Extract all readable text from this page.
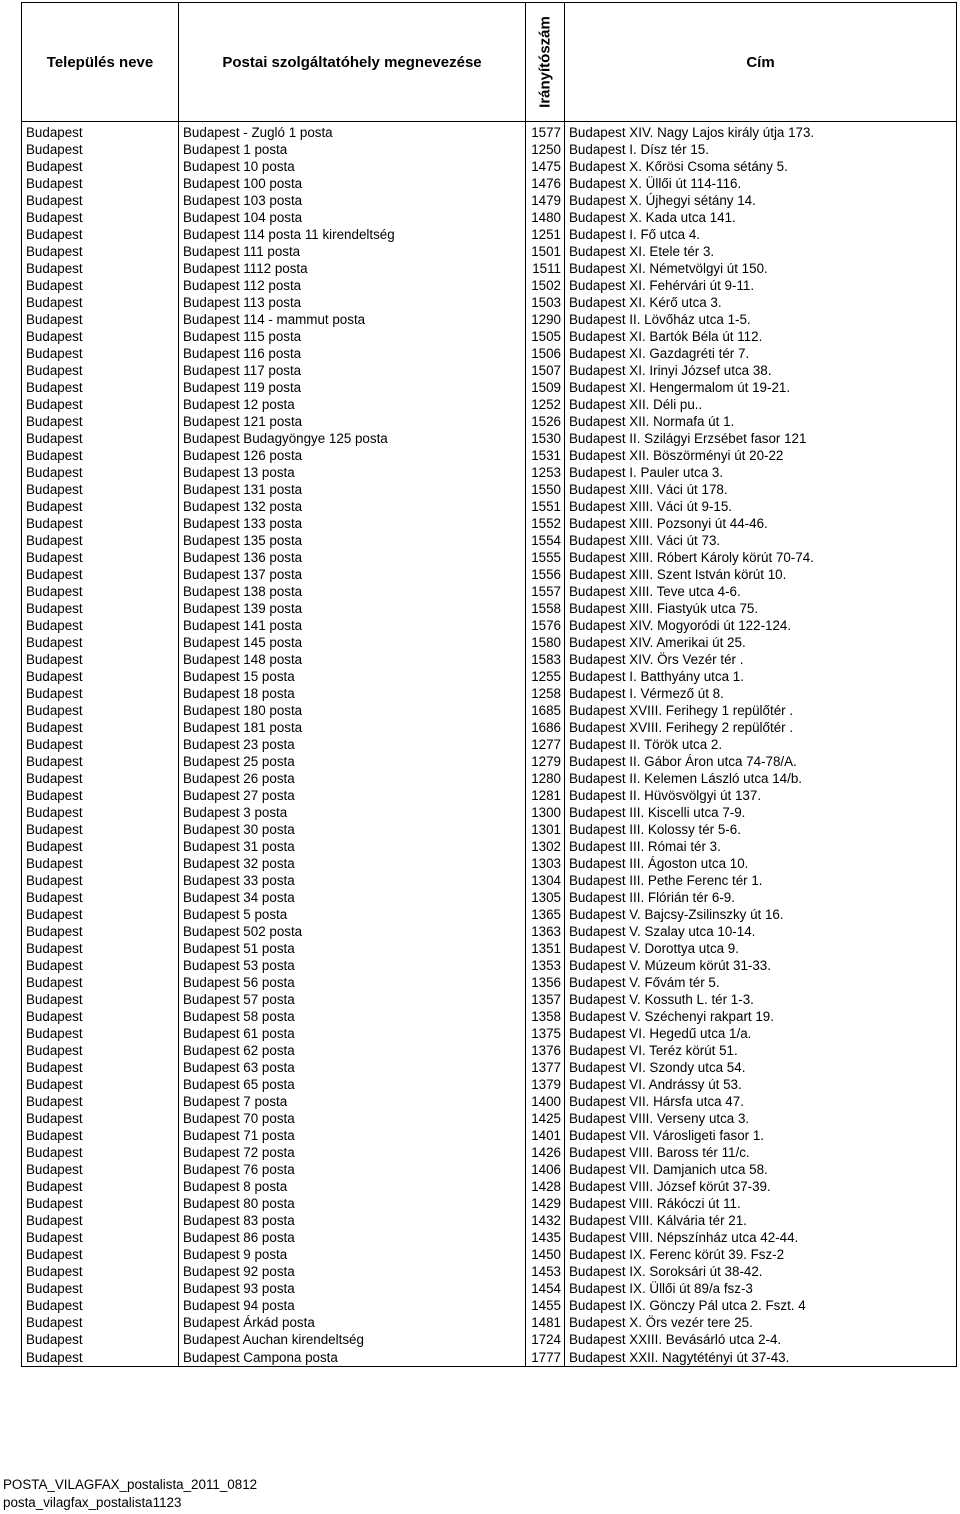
Település neve	Postai szolgáltatóhely megnevezése	Irányítószám	Cím
Budapest	Budapest - Zugló 1 posta	1577	Budapest XIV. Nagy Lajos király útja 173.
Budapest	Budapest 1 posta	1250	Budapest I. Dísz tér 15.
Budapest	Budapest 10 posta	1475	Budapest X. Kőrösi Csoma sétány 5.
Budapest	Budapest 100 posta	1476	Budapest X. Üllői út 114-116.
Budapest	Budapest 103 posta	1479	Budapest X. Újhegyi sétány 14.
Budapest	Budapest 104 posta	1480	Budapest X. Kada utca 141.
Budapest	Budapest 114 posta 11 kirendeltség	1251	Budapest I. Fő utca 4.
Budapest	Budapest 111 posta	1501	Budapest XI. Etele tér 3.
Budapest	Budapest 1112 posta	1511	Budapest XI. Németvölgyi út 150.
Budapest	Budapest 112 posta	1502	Budapest XI. Fehérvári út 9-11.
Budapest	Budapest 113 posta	1503	Budapest XI. Kérő utca 3.
Budapest	Budapest 114 - mammut posta	1290	Budapest II. Lövőház utca 1-5.
Budapest	Budapest 115 posta	1505	Budapest XI. Bartók Béla út 112.
Budapest	Budapest 116 posta	1506	Budapest XI. Gazdagréti tér 7.
Budapest	Budapest 117 posta	1507	Budapest XI. Irinyi József utca 38.
Budapest	Budapest 119 posta	1509	Budapest XI. Hengermalom út 19-21.
Budapest	Budapest 12 posta	1252	Budapest XII. Déli pu..
Budapest	Budapest 121 posta	1526	Budapest XII. Normafa út 1.
Budapest	Budapest Budagyöngye 125 posta	1530	Budapest II. Szilágyi Erzsébet fasor 121
Budapest	Budapest 126 posta	1531	Budapest XII. Böszörményi út 20-22
Budapest	Budapest 13 posta	1253	Budapest I. Pauler utca 3.
Budapest	Budapest 131 posta	1550	Budapest XIII. Váci út 178.
Budapest	Budapest 132 posta	1551	Budapest XIII. Váci út 9-15.
Budapest	Budapest 133 posta	1552	Budapest XIII. Pozsonyi út 44-46.
Budapest	Budapest 135 posta	1554	Budapest XIII. Váci út 73.
Budapest	Budapest 136 posta	1555	Budapest XIII. Róbert Károly körút 70-74.
Budapest	Budapest 137 posta	1556	Budapest XIII. Szent István körút 10.
Budapest	Budapest 138 posta	1557	Budapest XIII. Teve utca 4-6.
Budapest	Budapest 139 posta	1558	Budapest XIII. Fiastyúk utca 75.
Budapest	Budapest 141 posta	1576	Budapest XIV. Mogyoródi út 122-124.
Budapest	Budapest 145 posta	1580	Budapest XIV. Amerikai út 25.
Budapest	Budapest 148 posta	1583	Budapest XIV. Örs Vezér tér .
Budapest	Budapest 15 posta	1255	Budapest I. Batthyány utca 1.
Budapest	Budapest 18 posta	1258	Budapest I. Vérmező út 8.
Budapest	Budapest 180 posta	1685	Budapest XVIII. Ferihegy 1 repülőtér .
Budapest	Budapest 181 posta	1686	Budapest XVIII. Ferihegy 2 repülőtér .
Budapest	Budapest 23 posta	1277	Budapest II. Török utca 2.
Budapest	Budapest 25 posta	1279	Budapest II. Gábor Áron utca 74-78/A.
Budapest	Budapest 26 posta	1280	Budapest II. Kelemen László utca 14/b.
Budapest	Budapest 27 posta	1281	Budapest II. Hüvösvölgyi út 137.
Budapest	Budapest 3 posta	1300	Budapest III. Kiscelli utca 7-9.
Budapest	Budapest 30 posta	1301	Budapest III. Kolossy tér 5-6.
Budapest	Budapest 31 posta	1302	Budapest III. Római tér 3.
Budapest	Budapest 32 posta	1303	Budapest III. Ágoston utca 10.
Budapest	Budapest 33 posta	1304	Budapest III. Pethe Ferenc tér 1.
Budapest	Budapest 34 posta	1305	Budapest III. Flórián tér 6-9.
Budapest	Budapest 5 posta	1365	Budapest V. Bajcsy-Zsilinszky út 16.
Budapest	Budapest 502 posta	1363	Budapest V. Szalay utca 10-14.
Budapest	Budapest 51 posta	1351	Budapest V. Dorottya utca 9.
Budapest	Budapest 53 posta	1353	Budapest V. Múzeum körút 31-33.
Budapest	Budapest 56 posta	1356	Budapest V. Fővám tér 5.
Budapest	Budapest 57 posta	1357	Budapest V. Kossuth L. tér 1-3.
Budapest	Budapest 58 posta	1358	Budapest V. Széchenyi rakpart 19.
Budapest	Budapest 61 posta	1375	Budapest VI. Hegedű utca 1/a.
Budapest	Budapest 62 posta	1376	Budapest VI. Teréz körút 51.
Budapest	Budapest 63 posta	1377	Budapest VI. Szondy utca 54.
Budapest	Budapest 65 posta	1379	Budapest VI. Andrássy út 53.
Budapest	Budapest 7 posta	1400	Budapest VII. Hársfa utca 47.
Budapest	Budapest 70 posta	1425	Budapest VIII. Verseny utca 3.
Budapest	Budapest 71 posta	1401	Budapest VII. Városligeti fasor 1.
Budapest	Budapest 72 posta	1426	Budapest VIII. Baross tér 11/c.
Budapest	Budapest 76 posta	1406	Budapest VII. Damjanich utca 58.
Budapest	Budapest 8 posta	1428	Budapest VIII. József körút 37-39.
Budapest	Budapest 80 posta	1429	Budapest VIII. Rákóczi út 11.
Budapest	Budapest 83 posta	1432	Budapest VIII. Kálvária tér 21.
Budapest	Budapest 86 posta	1435	Budapest VIII. Népszínház utca 42-44.
Budapest	Budapest 9 posta	1450	Budapest IX. Ferenc körút 39. Fsz-2
Budapest	Budapest 92 posta	1453	Budapest IX. Soroksári út 38-42.
Budapest	Budapest 93 posta	1454	Budapest IX. Üllői út 89/a fsz-3
Budapest	Budapest 94 posta	1455	Budapest IX. Gönczy Pál utca 2. Fszt. 4
Budapest	Budapest Árkád posta	1481	Budapest X. Örs vezér tere 25.
Budapest	Budapest Auchan kirendeltség	1724	Budapest XXIII. Bevásárló utca 2-4.
Budapest	Budapest Campona posta	1777	Budapest XXII. Nagytétényi út 37-43.
POSTA_VILAGFAX_postalista_2011_0812
posta_vilagfax_postalista1123
